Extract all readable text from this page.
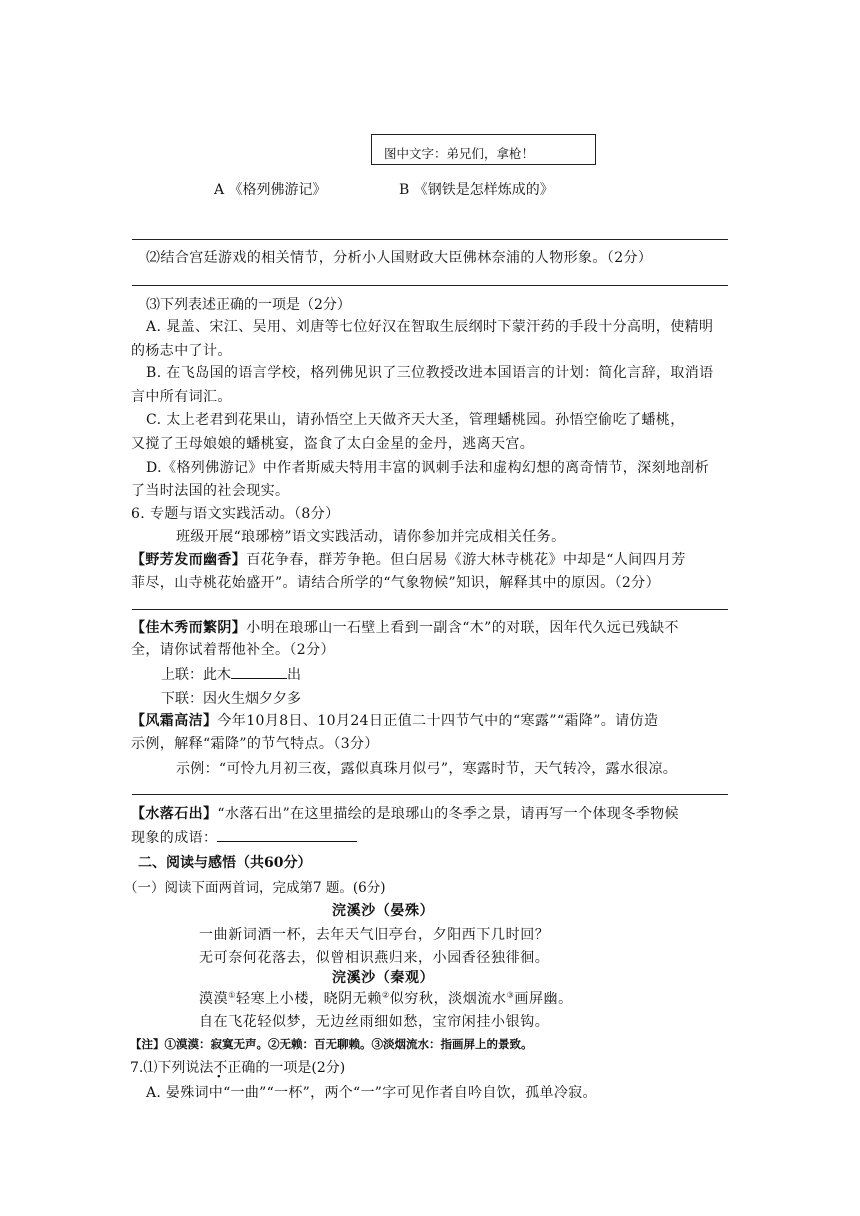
图中文字：弟兄们，拿枪！
A 《格列佛游记》	B 《钢铁是怎样炼成的》
⑵结合宫廷游戏的相关情节，分析小人国财政大臣佛林奈浦的人物形象。（2分）
⑶下列表述正确的一项是（2分）
A. 晁盖、宋江、吴用、刘唐等七位好汉在智取生辰纲时下蒙汗药的手段十分高明，使精明
的杨志中了计。
B. 在飞岛国的语言学校，格列佛见识了三位教授改进本国语言的计划：简化言辞，取消语
言中所有词汇。
C. 太上老君到花果山，请孙悟空上天做齐天大圣，管理蟠桃园。孙悟空偷吃了蟠桃，
又搅了王母娘娘的蟠桃宴，盗食了太白金星的金丹，逃离天宫。
D.《格列佛游记》中作者斯威夫特用丰富的讽刺手法和虚构幻想的离奇情节，深刻地剖析
了当时法国的社会现实。
6. 专题与语文实践活动。（8分）
班级开展“琅琊榜”语文实践活动，请你参加并完成相关任务。
【野芳发而幽香】百花争春，群芳争艳。但白居易《游大林寺桃花》中却是“人间四月芳
菲尽，山寺桃花始盛开”。请结合所学的“气象物候”知识，解释其中的原因。（2分）
【佳木秀而繁阴】小明在琅琊山一石壁上看到一副含“木”的对联，因年代久远已残缺不
全，请你试着帮他补全。（2分）
上联：此木	出
下联：因火生烟夕夕多
【风霜高洁】今年10月8日、10月24日正值二十四节气中的“寒露”“霜降”。请仿造
示例，解释“霜降”的节气特点。（3分）
示例：“可怜九月初三夜，露似真珠月似弓”，寒露时节，天气转冷，露水很凉。
【水落石出】“水落石出”在这里描绘的是琅琊山的冬季之景，请再写一个体现冬季物候
现象的成语：
二、阅读与感悟（共60分）
（一）阅读下面两首词，完成第7 题。(6分)
浣溪沙（晏殊）
一曲新词酒一杯，去年天气旧亭台，夕阳西下几时回？
无可奈何花落去，似曾相识燕归来，小园香径独徘徊。
浣溪沙（秦观）
漠漠①轻寒上小楼，晓阴无赖②似穷秋，淡烟流水③画屏幽。
自在飞花轻似梦，无边丝雨细如愁，宝帘闲挂小银钩。
【注】①漠漠：寂寞无声。②无赖：百无聊赖。③淡烟流水：指画屏上的景致。
7.⑴下列说法不正确的一项是(2分)
A. 晏殊词中“一曲”“一杯”，两个“一”字可见作者自吟自饮，孤单冷寂。
